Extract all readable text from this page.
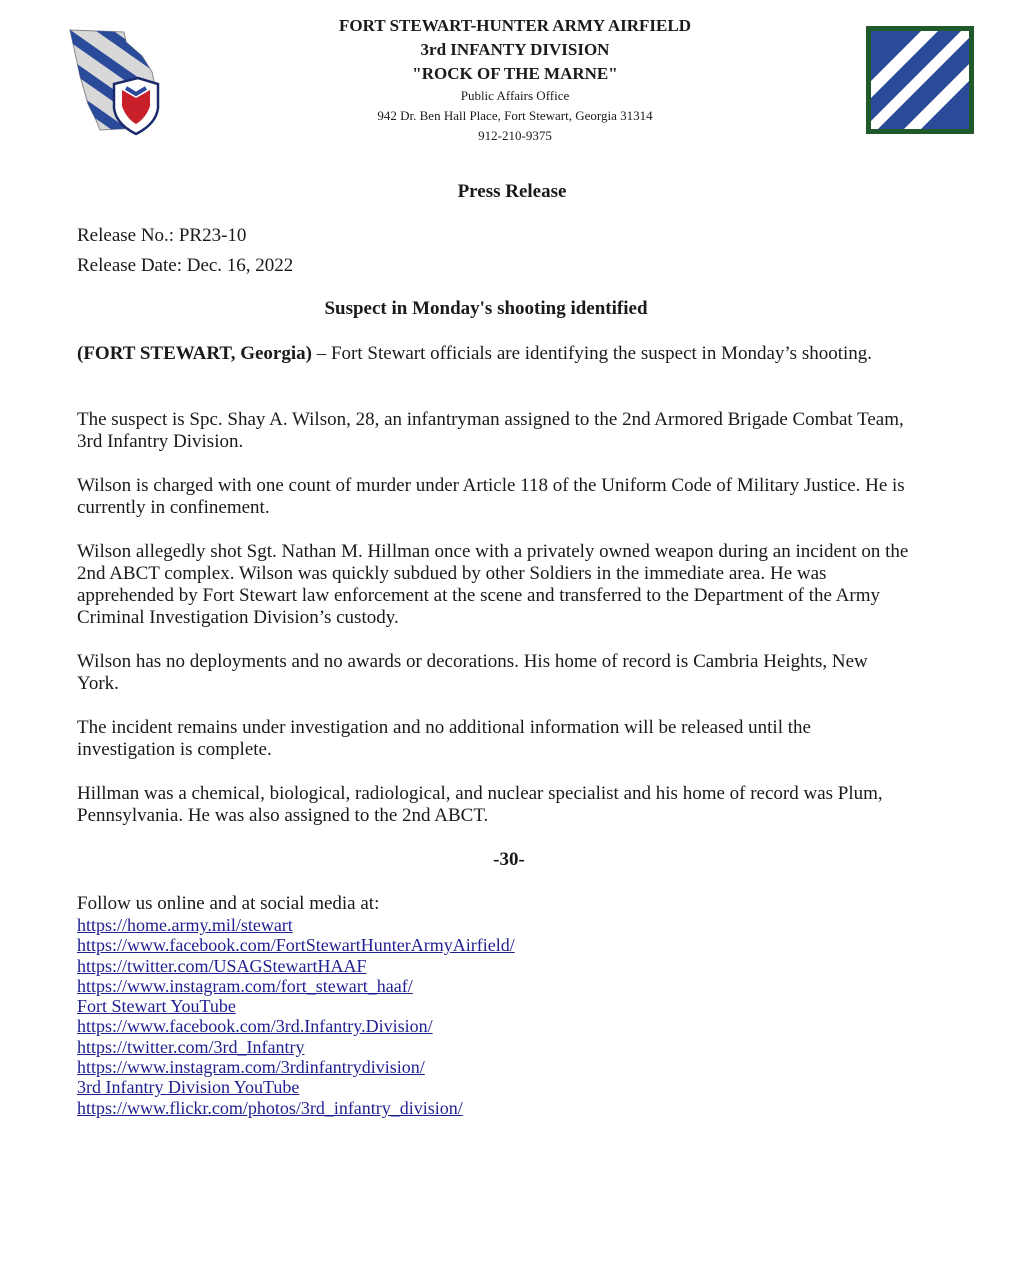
FORT STEWART-HUNTER ARMY AIRFIELD
3rd INFANTY DIVISION
"ROCK OF THE MARNE"
Public Affairs Office
942 Dr. Ben Hall Place, Fort Stewart, Georgia 31314
912-210-9375
Press Release
Release No.: PR23-10
Release Date: Dec. 16, 2022
Suspect in Monday's shooting identified

(FORT STEWART, Georgia) – Fort Stewart officials are identifying the suspect in Monday’s shooting.

The suspect is Spc. Shay A. Wilson, 28, an infantryman assigned to the 2nd Armored Brigade Combat Team, 3rd Infantry Division.

Wilson is charged with one count of murder under Article 118 of the Uniform Code of Military Justice. He is currently in confinement.

Wilson allegedly shot Sgt. Nathan M. Hillman once with a privately owned weapon during an incident on the 2nd ABCT complex. Wilson was quickly subdued by other Soldiers in the immediate area. He was apprehended by Fort Stewart law enforcement at the scene and transferred to the Department of the Army Criminal Investigation Division’s custody.

Wilson has no deployments and no awards or decorations. His home of record is Cambria Heights, New York.

The incident remains under investigation and no additional information will be released until the investigation is complete.

Hillman was a chemical, biological, radiological, and nuclear specialist and his home of record was Plum, Pennsylvania. He was also assigned to the 2nd ABCT.

-30-
Follow us online and at social media at:
https://home.army.mil/stewart
https://www.facebook.com/FortStewartHunterArmyAirfield/
https://twitter.com/USAGStewartHAAF
https://www.instagram.com/fort_stewart_haaf/
Fort Stewart YouTube
https://www.facebook.com/3rd.Infantry.Division/
https://twitter.com/3rd_Infantry
https://www.instagram.com/3rdinfantrydivision/
3rd Infantry Division YouTube
https://www.flickr.com/photos/3rd_infantry_division/
